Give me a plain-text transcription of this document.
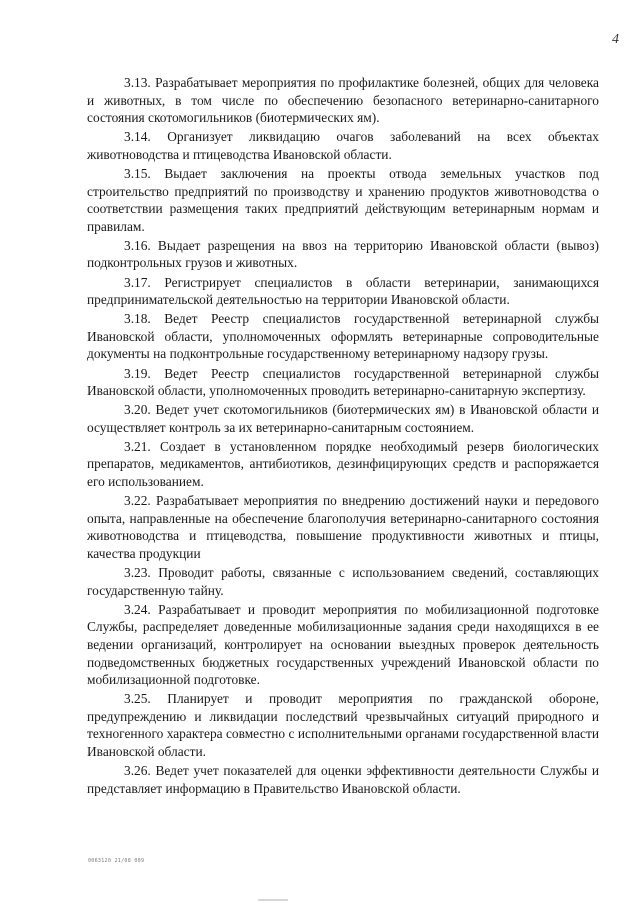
4

3.13. Разрабатывает мероприятия по профилактике болезней, общих для человека и животных, в том числе по обеспечению безопасного ветеринарно-санитарного состояния скотомогильников (биотермических ям).

3.14. Организует ликвидацию очагов заболеваний на всех объектах животноводства и птицеводства Ивановской области.

3.15. Выдает заключения на проекты отвода земельных участков под строительство предприятий по производству и хранению продуктов животноводства о соответствии размещения таких предприятий действующим ветеринарным нормам и правилам.

3.16. Выдает разрещения на ввоз на территорию Ивановской области (вывоз) подконтрольных грузов и животных.

3.17. Регистрирует специалистов в области ветеринарии, занимающихся предпринимательской деятельностью на территории Ивановской области.

3.18. Ведет Реестр специалистов государственной ветеринарной службы Ивановской области, уполномоченных оформлять ветеринарные сопроводительные документы на подконтрольные государственному ветеринарному надзору грузы.

3.19. Ведет Реестр специалистов государственной ветеринарной службы Ивановской области, уполномоченных проводить ветеринарно-санитарную экспертизу.

3.20. Ведет учет скотомогильников (биотермических ям) в Ивановской области и осуществляет контроль за их ветеринарно-санитарным состоянием.

3.21. Создает в установленном порядке необходимый резерв биологических препаратов, медикаментов, антибиотиков, дезинфицирующих средств и распоряжается его использованием.

3.22. Разрабатывает мероприятия по внедрению достижений науки и передового опыта, направленные на обеспечение благополучия ветеринарно-санитарного состояния животноводства и птицеводства, повышение продуктивности животных и птицы, качества продукции

3.23. Проводит работы, связанные с использованием сведений, составляющих государственную тайну.

3.24. Разрабатывает и проводит мероприятия по мобилизационной подготовке Службы, распределяет доведенные мобилизационные задания среди находящихся в ее ведении организаций, контролирует на основании выездных проверок деятельность подведомственных бюджетных государственных учреждений Ивановской области по мобилизационной подготовке.

3.25. Планирует и проводит мероприятия по гражданской обороне, предупреждению и ликвидации последствий чрезвычайных ситуаций природного и техногенного характера совместно с исполнительными органами государственной власти Ивановской области.

3.26. Ведет учет показателей для оценки эффективности деятельности Службы и представляет информацию в Правительство Ивановской области.

0063120 21/08 009
